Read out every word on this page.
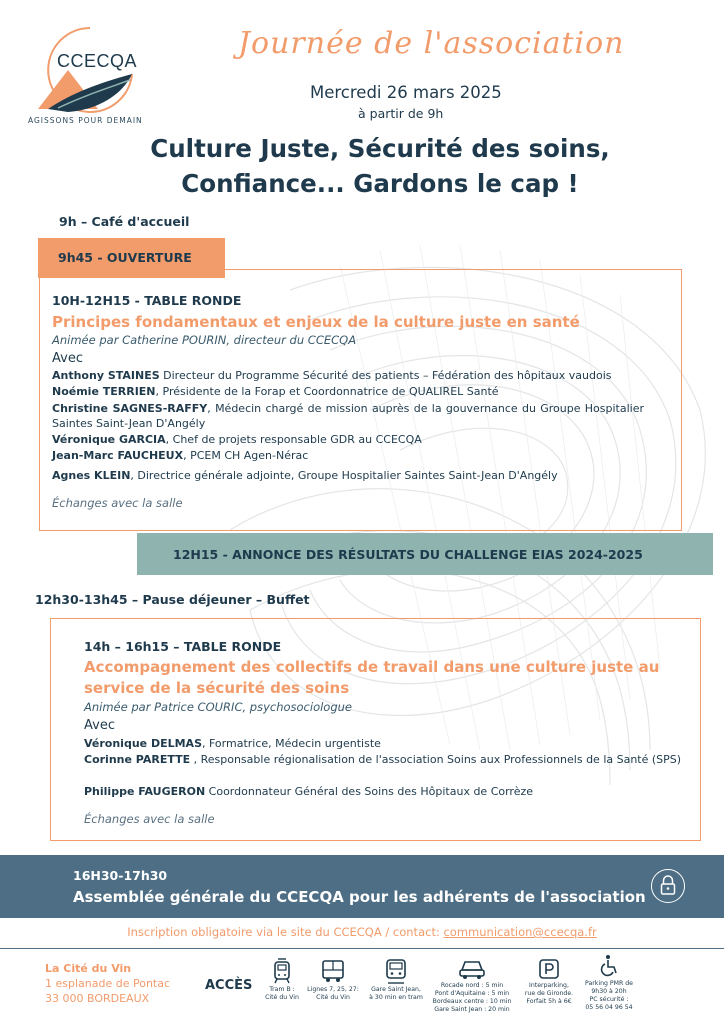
CCECQA
AGISSONS POUR DEMAIN
Journée de l'association
Mercredi 26 mars 2025
à partir de 9h
Culture Juste, Sécurité des soins,
Confiance... Gardons le cap !
9h – Café d'accueil
9h45 - OUVERTURE
10H-12H15 - TABLE RONDE
Principes fondamentaux et enjeux de la culture juste en santé
Animée par Catherine POURIN, directeur du CCECQA
Avec
Anthony STAINES Directeur du Programme Sécurité des patients – Fédération des hôpitaux vaudois
Noémie TERRIEN, Présidente de la Forap et Coordonnatrice de QUALIREL Santé
Christine SAGNES-RAFFY, Médecin chargé de mission auprès de la gouvernance du Groupe Hospitalier Saintes Saint-Jean D'Angély
Véronique GARCIA, Chef de projets responsable GDR au CCECQA
Jean-Marc FAUCHEUX, PCEM CH Agen-Nérac
Agnes KLEIN, Directrice générale adjointe, Groupe Hospitalier Saintes Saint-Jean D'Angély
Échanges avec la salle
12H15 - ANNONCE DES RÉSULTATS DU CHALLENGE EIAS 2024-2025
12h30-13h45 – Pause déjeuner – Buffet
14h – 16h15 – TABLE RONDE
Accompagnement des collectifs de travail dans une culture juste au
service de la sécurité des soins
Animée par Patrice COURIC, psychosociologue
Avec
Véronique DELMAS, Formatrice, Médecin urgentiste
Corinne PARETTE , Responsable régionalisation de l'association Soins aux Professionnels de la Santé (SPS)
Philippe FAUGERON Coordonnateur Général des Soins des Hôpitaux de Corrèze
Échanges avec la salle
16H30-17h30
Assemblée générale du CCECQA pour les adhérents de l'association
Inscription obligatoire via le site du CCECQA / contact: communication@ccecqa.fr
La Cité du Vin
1 esplanade de Pontac
33 000 BORDEAUX
ACCÈS	Tram B :
Cité du Vin
Lignes 7, 25, 27:
Cité du Vin
Gare Saint Jean,
à 30 min en tram
Rocade nord : 5 min
Pont d'Aquitaine : 5 min
Bordeaux centre : 10 min
Gare Saint Jean : 20 min
Interparking,
rue de Gironde.
Forfait 5h à 6€
Parking PMR de
9h30 à 20h
PC sécurité :
05 56 04 96 54
